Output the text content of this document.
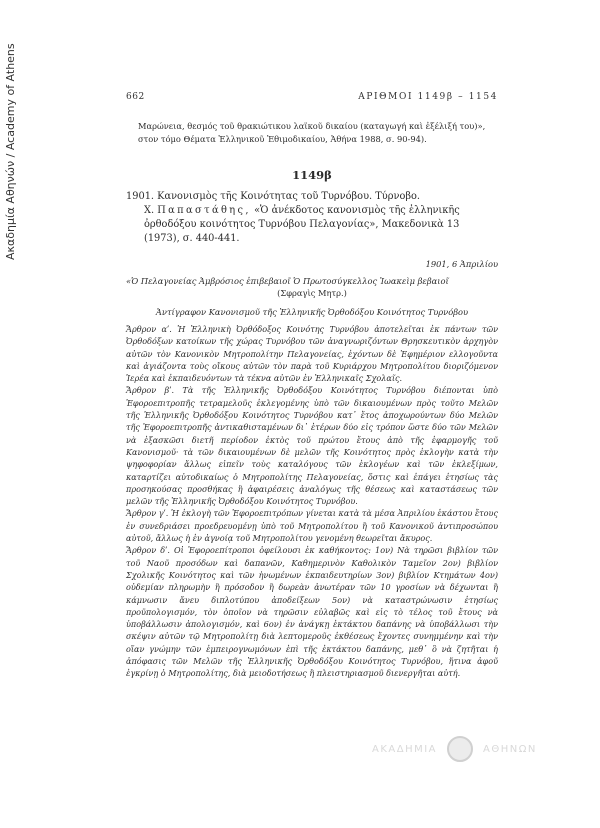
Ακαδημία Αθηνών / Academy of Athens	662	ΑΡΙΘΜΟΙ 1149β – 1154

Μαρώνεια, θεσμός τοῦ θρακιώτικου λαϊκοῦ δικαίου (καταγωγή καὶ ἐξέλιξή του)», στον τόμο Θέματα Ἑλληνικοῦ Ἐθιμοδικαίου, Ἀθήνα 1988, σ. 90-94).

1149β

1901. Κανονισμὸς τῆς Κοινότητας τοῦ Τυρνόβου. Τύρνοβο.

Χ. Παπαστάθης, «Ὁ ἀνέκδοτος κανονισμὸς τῆς ἑλληνικῆς ὀρθοδόξου κοινότητος Τυρνόβου Πελαγονίας», Μακεδονικὰ 13 (1973), σ. 440-441.

1901, 6 Ἀπριλίου
«Ὁ Πελαγονείας Ἀμβρόσιος ἐπιβεβαιοῖ Ὁ Πρωτοσύγκελλος Ἰωακεὶμ βεβαιοῖ
(Σφραγὶς Μητρ.)
Ἀντίγραφον Κανονισμοῦ τῆς Ἑλληνικῆς Ὀρθοδόξου Κοινότητος Τυρνόβου

Ἄρθρον αʹ. Ἡ Ἑλληνικὴ Ὀρθόδοξος Κοινότης Τυρνόβου ἀποτελεῖται ἐκ πάντων τῶν Ὀρθοδόξων κατοίκων τῆς χώρας Τυρνόβου τῶν ἀναγνωριζόντων Θρησκευτικὸν ἀρχηγὸν αὐτῶν τὸν Κανονικὸν Μητροπολίτην Πελαγονείας, ἐχόντων δὲ Ἐφημέριον ελλογοῦντα καὶ ἁγιάζοντα τοὺς οἴκους αὐτῶν τὸν παρὰ τοῦ Κυριάρχου Μητροπολίτου διοριζόμενον Ἱερέα καὶ ἐκπαιδευόντων τὰ τέκνα αὐτῶν ἐν Ἑλληνικαῖς Σχολαῖς.

Ἄρθρον βʹ. Τὰ τῆς Ἑλληνικῆς Ὀρθοδόξου Κοινότητος Τυρνόβου διέπονται ὑπὸ Ἐφοροεπιτροπῆς τετραμελοῦς ἐκλεγομένης ὑπὸ τῶν δικαιουμένων πρὸς τοῦτο Μελῶν τῆς Ἑλληνικῆς Ὀρθοδόξου Κοινότητος Τυρνόβου κατ᾽ ἔτος ἀποχωρούντων δύο Μελῶν τῆς Ἐφοροεπιτροπῆς ἀντικαθισταμένων δι᾽ ἑτέρων δύο εἰς τρόπον ὥστε δύο τῶν Μελῶν νὰ ἐξασκῶσι διετῆ περίοδον ἐκτὸς τοῦ πρώτου ἔτους ἀπὸ τῆς ἐφαρμογῆς τοῦ Κανονισμοῦ· τὰ τῶν δικαιουμένων δὲ μελῶν τῆς Κοινότητος πρὸς ἐκλογὴν κατὰ τὴν ψηφοφορίαν ἄλλως εἰπεῖν τοὺς καταλόγους τῶν ἐκλογέων καὶ τῶν ἐκλεξίμων, καταρτίζει αὐτοδικαίως ὁ Μητροπολίτης Πελαγονείας, ὅστις καὶ ἐπάγει ἐτησίως τὰς προσηκούσας προσθήκας ἢ ἀφαιρέσεις ἀναλόγως τῆς θέσεως καὶ καταστάσεως τῶν μελῶν τῆς Ἑλληνικῆς Ὀρθοδόξου Κοινότητος Τυρνόβου.

Ἄρθρον γʹ. Ἡ ἐκλογὴ τῶν Ἐφοροεπιτρόπων γίνεται κατὰ τὰ μέσα Ἀπριλίου ἑκάστου ἔτους ἐν συνεδριάσει προεδρευομένῃ ὑπὸ τοῦ Μητροπολίτου ἢ τοῦ Κανονικοῦ ἀντιπροσώπου αὐτοῦ, ἄλλως ἡ ἐν ἀγνοίᾳ τοῦ Μητροπολίτου γενομένη θεωρεῖται ἄκυρος.

Ἄρθρον δʹ. Οἱ Ἐφοροεπίτροποι ὀφείλουσι ἐκ καθήκοντος: 1ον) Νὰ τηρῶσι βιβλίον τῶν τοῦ Ναοῦ προσόδων καὶ δαπανῶν, Καθημερινὸν Καθολικὸν Ταμεῖον 2ον) βιβλίον Σχολικῆς Κοινότητος καὶ τῶν ἡνωμένων ἐκπαιδευτηρίων 3ον) βιβλίον Κτημάτων 4ον) οὐδεμίαν πληρωμὴν ἢ πρόσοδον ἢ δωρεὰν ἀνωτέραν τῶν 10 γροσίων νὰ δέχωνται ἢ κάμνωσιν ἄνευ διπλοτύπου ἀποδείξεων 5ον) νὰ καταστρώνωσιν ἐτησίως προϋπολογισμόν, τὸν ὁποῖον νὰ τηρῶσιν εὐλαβῶς καὶ εἰς τὸ τέλος τοῦ ἔτους νὰ ὑποβάλλωσιν ἀπολογισμόν, καὶ 6ον) ἐν ἀνάγκῃ ἐκτάκτου δαπάνης νὰ ὑποβάλλωσι τὴν σκέψιν αὐτῶν τῷ Μητροπολίτῃ διὰ λεπτομεροῦς ἐκθέσεως ἔχοντες συνημμένην καὶ τὴν οἵαν γνώμην τῶν ἐμπειρογνωμόνων ἐπὶ τῆς ἐκτάκτου δαπάνης, μεθ᾽ ὃ νὰ ζητῆται ἡ ἀπόφασις τῶν Μελῶν τῆς Ἑλληνικῆς Ὀρθοδόξου Κοινότητος Τυρνόβου, ἥτινα ἀφοῦ ἐγκρίνῃ ὁ Μητροπολίτης, διὰ μειοδοτήσεως ἢ πλειστηριασμοῦ διενεργῆται αὐτή.

ΑΚΑΔΗΜΙΑ	ΑΘΗΝΩΝ
